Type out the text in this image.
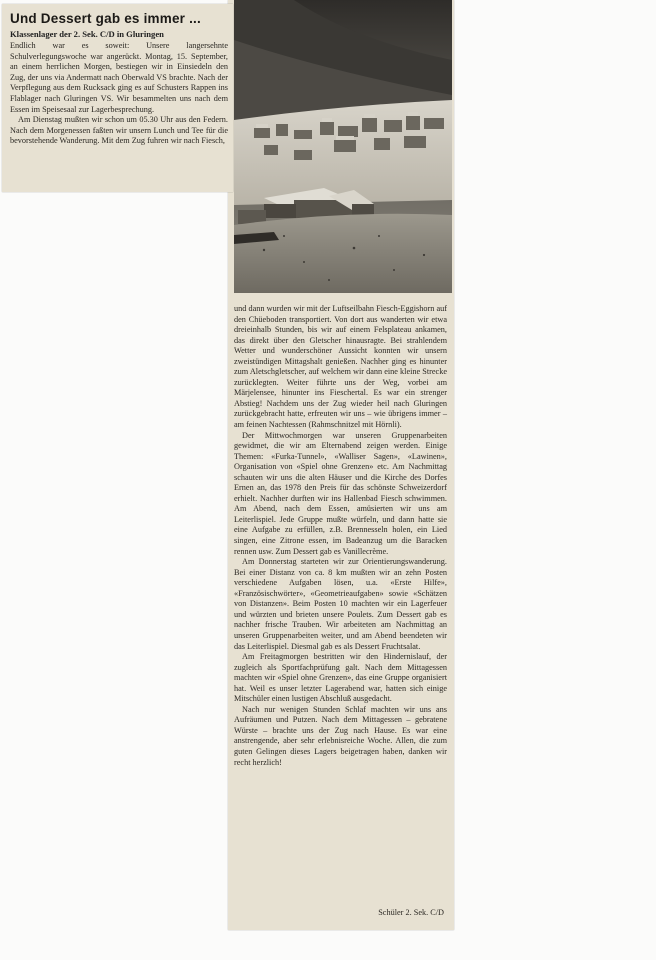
und dann wurden wir mit der Luftseilbahn Fiesch-Eggishorn auf den Chüeboden transportiert. Von dort aus wanderten wir etwa dreieinhalb Stunden, bis wir auf einem Felsplateau ankamen, das direkt über den Gletscher hinausragte. Bei strahlendem Wetter und wunderschöner Aussicht konnten wir unsern zweistündigen Mittagshalt genießen. Nachher ging es hinunter zum Aletschgletscher, auf welchem wir dann eine kleine Strecke zurücklegten. Weiter führte uns der Weg, vorbei am Märjelensee, hinunter ins Fieschertal. Es war ein strenger Abstieg! Nachdem uns der Zug wieder heil nach Gluringen zurückgebracht hatte, erfreuten wir uns – wie übrigens immer – am feinen Nachtessen (Rahmschnitzel mit Hörnli).

Der Mittwochmorgen war unseren Gruppenarbeiten gewidmet, die wir am Elternabend zeigen werden. Einige Themen: «Furka-Tunnel», «Walliser Sagen», «Lawinen», Organisation von «Spiel ohne Grenzen» etc. Am Nachmittag schauten wir uns die alten Häuser und die Kirche des Dorfes Ernen an, das 1978 den Preis für das schönste Schweizerdorf erhielt. Nachher durften wir ins Hallenbad Fiesch schwimmen. Am Abend, nach dem Essen, amüsierten wir uns am Leiterlispiel. Jede Gruppe mußte würfeln, und dann hatte sie eine Aufgabe zu erfüllen, z.B. Brennesseln holen, ein Lied singen, eine Zitrone essen, im Badeanzug um die Baracken rennen usw. Zum Dessert gab es Vanillecrème.

Am Donnerstag starteten wir zur Orientierungswanderung. Bei einer Distanz von ca. 8 km mußten wir an zehn Posten verschiedene Aufgaben lösen, u.a. «Erste Hilfe», «Französischwörter», «Geometrieaufgaben» sowie «Schätzen von Distanzen». Beim Posten 10 machten wir ein Lagerfeuer und würzten und brieten unsere Poulets. Zum Dessert gab es nachher frische Trauben. Wir arbeiteten am Nachmittag an unseren Gruppenarbeiten weiter, und am Abend beendeten wir das Leiterlispiel. Diesmal gab es als Dessert Fruchtsalat.

Am Freitagmorgen bestritten wir den Hindernislauf, der zugleich als Sportfachprüfung galt. Nach dem Mittagessen machten wir «Spiel ohne Grenzen», das eine Gruppe organisiert hat. Weil es unser letzter Lagerabend war, hatten sich einige Mitschüler einen lustigen Abschluß ausgedacht.

Nach nur wenigen Stunden Schlaf machten wir uns ans Aufräumen und Putzen. Nach dem Mittagessen – gebratene Würste – brachte uns der Zug nach Hause. Es war eine anstrengende, aber sehr erlebnisreiche Woche. Allen, die zum guten Gelingen dieses Lagers beigetragen haben, danken wir recht herzlich!

Schüler 2. Sek. C/D
Und Dessert gab es immer ...
Klassenlager der 2. Sek. C/D in Gluringen

Endlich war es soweit: Unsere langersehnte Schulverlegungswoche war angerückt. Montag, 15. September, an einem herrlichen Morgen, bestiegen wir in Einsiedeln den Zug, der uns via Andermatt nach Oberwald VS brachte. Nach der Verpflegung aus dem Rucksack ging es auf Schusters Rappen ins Flablager nach Gluringen VS. Wir besammelten uns nach dem Essen im Speisesaal zur Lagerbesprechung.

Am Dienstag mußten wir schon um 05.30 Uhr aus den Federn. Nach dem Morgenessen faßten wir unsern Lunch und Tee für die bevorstehende Wanderung. Mit dem Zug fuhren wir nach Fiesch,
